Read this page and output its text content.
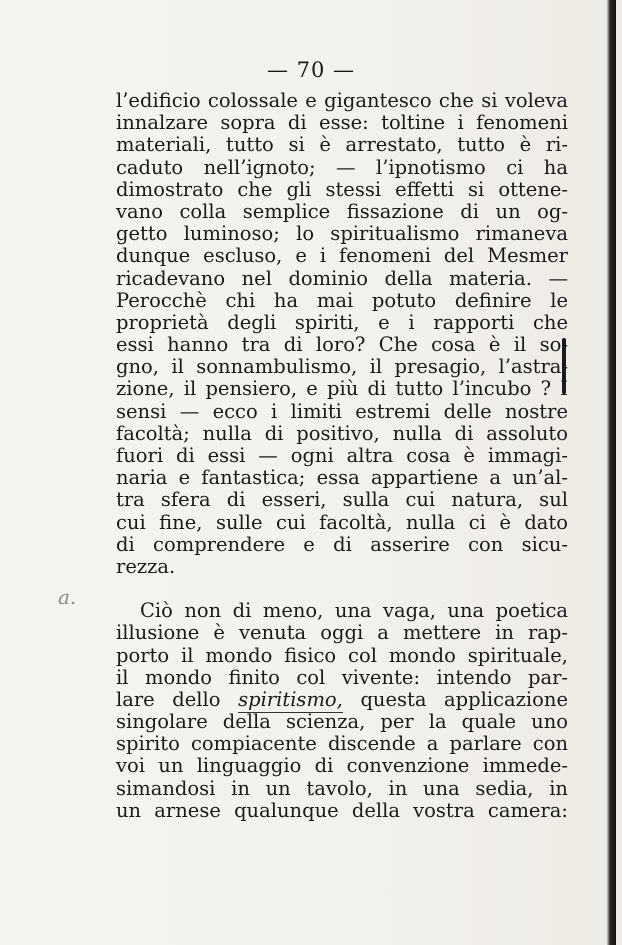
— 70 —
a.
l’edificio colossale e gigantesco che si voleva
innalzare sopra di esse: toltine i fenomeni
materiali, tutto si è arrestato, tutto è ri-
caduto nell’ignoto; — l’ipnotismo ci ha
dimostrato che gli stessi effetti si ottene-
vano colla semplice fissazione di un og-
getto luminoso; lo spiritualismo rimaneva
dunque escluso, e i fenomeni del Mesmer
ricadevano nel dominio della materia. —
Perocchè chi ha mai potuto definire le
proprietà degli spiriti, e i rapporti che
essi hanno tra di loro? Che cosa è il so-
gno, il sonnambulismo, il presagio, l’astra-
zione, il pensiero, e più di tutto l’incubo ? I
sensi — ecco i limiti estremi delle nostre
facoltà; nulla di positivo, nulla di assoluto
fuori di essi — ogni altra cosa è immagi-
naria e fantastica; essa appartiene a un’al-
tra sfera di esseri, sulla cui natura, sul
cui fine, sulle cui facoltà, nulla ci è dato
di comprendere e di asserire con sicu-
rezza.
Ciò non di meno, una vaga, una poetica
illusione è venuta oggi a mettere in rap-
porto il mondo fisico col mondo spirituale,
il mondo finito col vivente: intendo par-
lare dello spiritismo, questa applicazione
singolare della scienza, per la quale uno
spirito compiacente discende a parlare con
voi un linguaggio di convenzione immede-
simandosi in un tavolo, in una sedia, in
un arnese qualunque della vostra camera:
